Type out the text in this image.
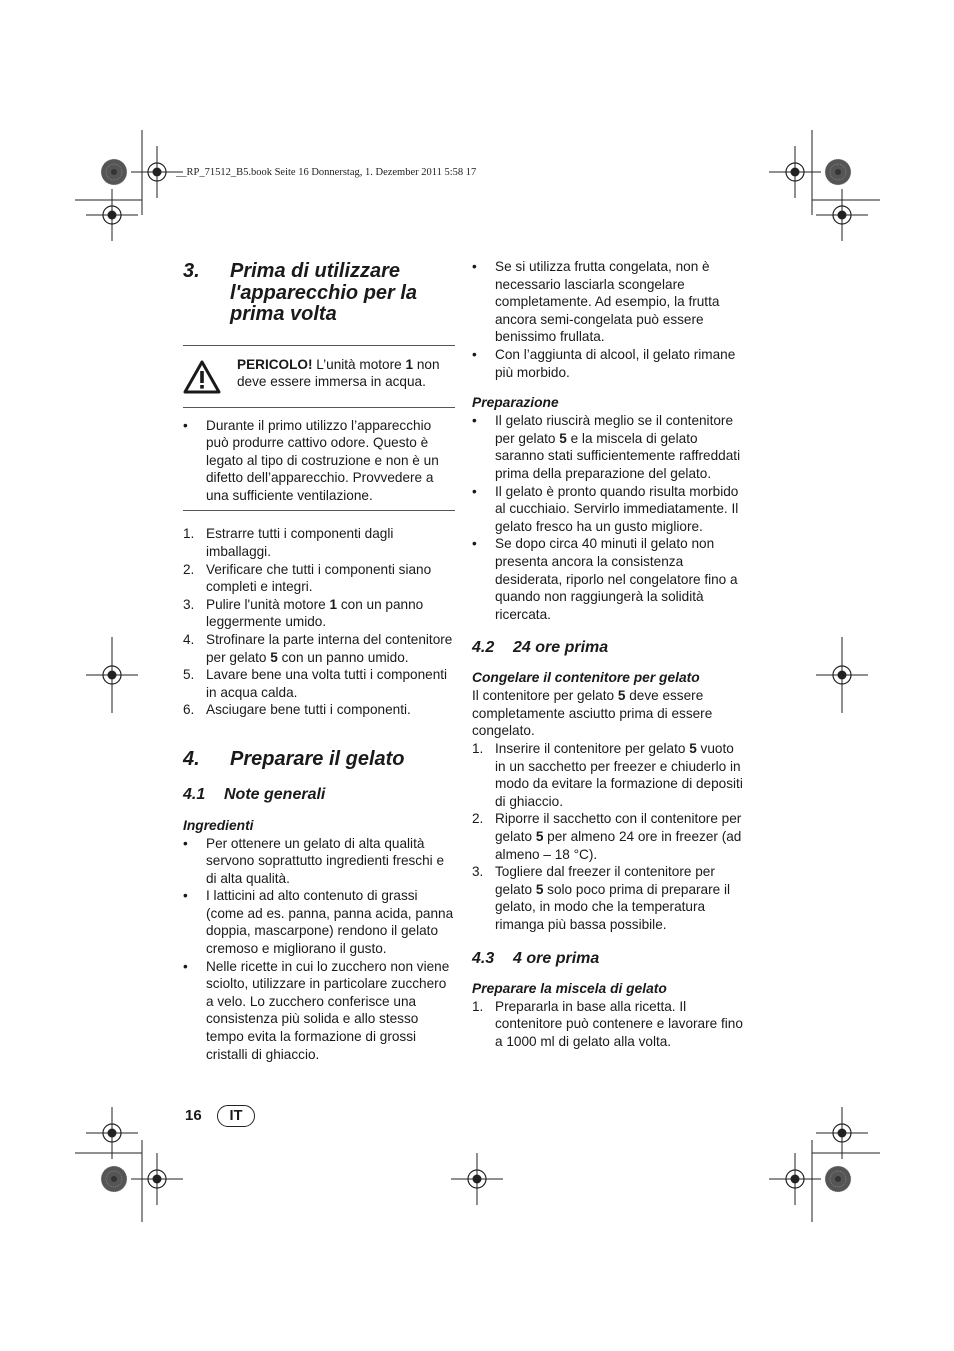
__RP_71512_B5.book Seite 16 Donnerstag, 1. Dezember 2011 5:58 17
3. Prima di utilizzare l'apparecchio per la prima volta
PERICOLO! L’unità motore 1 non deve essere immersa in acqua.
• Durante il primo utilizzo l’apparecchio può produrre cattivo odore. Questo è legato al tipo di costruzione e non è un difetto dell’apparecchio. Provvedere a una sufficiente ventilazione.
1. Estrarre tutti i componenti dagli imballaggi.
2. Verificare che tutti i componenti siano completi e integri.
3. Pulire l'unità motore 1 con un panno leggermente umido.
4. Strofinare la parte interna del contenitore per gelato 5 con un panno umido.
5. Lavare bene una volta tutti i componenti in acqua calda.
6. Asciugare bene tutti i componenti.
4. Preparare il gelato
4.1 Note generali
Ingredienti
• Per ottenere un gelato di alta qualità servono soprattutto ingredienti freschi e di alta qualità.
• I latticini ad alto contenuto di grassi (come ad es. panna, panna acida, panna doppia, mascarpone) rendono il gelato cremoso e migliorano il gusto.
• Nelle ricette in cui lo zucchero non viene sciolto, utilizzare in particolare zucchero a velo. Lo zucchero conferisce una consistenza più solida e allo stesso tempo evita la formazione di grossi cristalli di ghiaccio.
• Se si utilizza frutta congelata, non è necessario lasciarla scongelare completamente. Ad esempio, la frutta ancora semi-congelata può essere benissimo frullata.
• Con l’aggiunta di alcool, il gelato rimane più morbido.
Preparazione
• Il gelato riuscirà meglio se il contenitore per gelato 5 e la miscela di gelato saranno stati sufficientemente raffreddati prima della preparazione del gelato.
• Il gelato è pronto quando risulta morbido al cucchiaio. Servirlo immediatamente. Il gelato fresco ha un gusto migliore.
• Se dopo circa 40 minuti il gelato non presenta ancora la consistenza desiderata, riporlo nel congelatore fino a quando non raggiungerà la solidità ricercata.
4.2 24 ore prima
Congelare il contenitore per gelato

Il contenitore per gelato 5 deve essere completamente asciutto prima di essere congelato.

1. Inserire il contenitore per gelato 5 vuoto in un sacchetto per freezer e chiuderlo in modo da evitare la formazione di depositi di ghiaccio.
2. Riporre il sacchetto con il contenitore per gelato 5 per almeno 24 ore in freezer (ad almeno – 18 °C).
3. Togliere dal freezer il contenitore per gelato 5 solo poco prima di preparare il gelato, in modo che la temperatura rimanga più bassa possibile.
4.3 4 ore prima
Preparare la miscela di gelato
1. Prepararla in base alla ricetta. Il contenitore può contenere e lavorare fino a 1000 ml di gelato alla volta.
16	IT
